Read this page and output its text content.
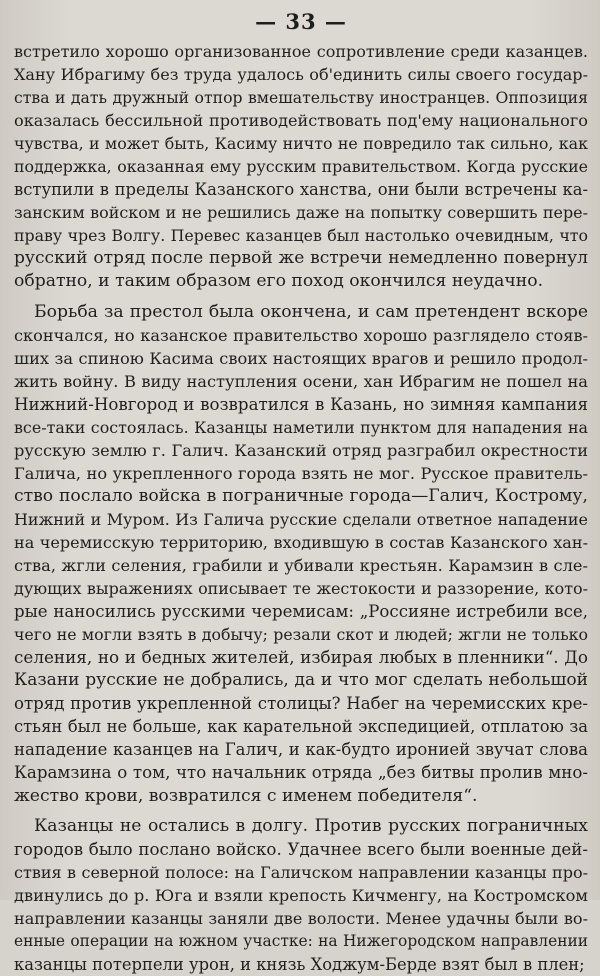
— 33 —
встретило хорошо организованное сопротивление среди казанцев.
Хану Ибрагиму без труда удалось об'единить силы своего государ-
ства и дать дружный отпор вмешательству иностранцев. Оппозиция
оказалась бессильной противодействовать под'ему национального
чувства, и может быть, Касиму ничто не повредило так сильно, как
поддержка, оказанная ему русским правительством. Когда русские
вступили в пределы Казанского ханства, они были встречены ка-
занским войском и не решились даже на попытку совершить пере-
праву чрез Волгу. Перевес казанцев был настолько очевидным, что
русский отряд после первой же встречи немедленно повернул
обратно, и таким образом его поход окончился неудачно.
Борьба за престол была окончена, и сам претендент вскоре
скончался, но казанское правительство хорошо разглядело стояв-
ших за спиною Касима своих настоящих врагов и решило продол-
жить войну. В виду наступления осени, хан Ибрагим не пошел на
Нижний-Новгород и возвратился в Казань, но зимняя кампания
все-таки состоялась. Казанцы наметили пунктом для нападения на
русскую землю г. Галич. Казанский отряд разграбил окрестности
Галича, но укрепленного города взять не мог. Русское правитель-
ство послало войска в пограничные города—Галич, Кострому,
Нижний и Муром. Из Галича русские сделали ответное нападение
на черемисскую территорию, входившую в состав Казанского хан-
ства, жгли селения, грабили и убивали крестьян. Карамзин в сле-
дующих выражениях описывает те жестокости и раззорение, кото-
рые наносились русскими черемисам: „Россияне истребили все,
чего не могли взять в добычу; резали скот и людей; жгли не только
селения, но и бедных жителей, избирая любых в пленники“. До
Казани русские не добрались, да и что мог сделать небольшой
отряд против укрепленной столицы? Набег на черемисских кре-
стьян был не больше, как карательной экспедицией, отплатою за
нападение казанцев на Галич, и как-будто иронией звучат слова
Карамзина о том, что начальник отряда „без битвы пролив мно-
жество крови, возвратился с именем победителя“.
Казанцы не остались в долгу. Против русских пограничных
городов было послано войско. Удачнее всего были военные дей-
ствия в северной полосе: на Галичском направлении казанцы про-
двинулись до р. Юга и взяли крепость Кичменгу, на Костромском
направлении казанцы заняли две волости. Менее удачны были во-
енные операции на южном участке: на Нижегородском направлении
казанцы потерпели урон, и князь Ходжум-Берде взят был в плен;
